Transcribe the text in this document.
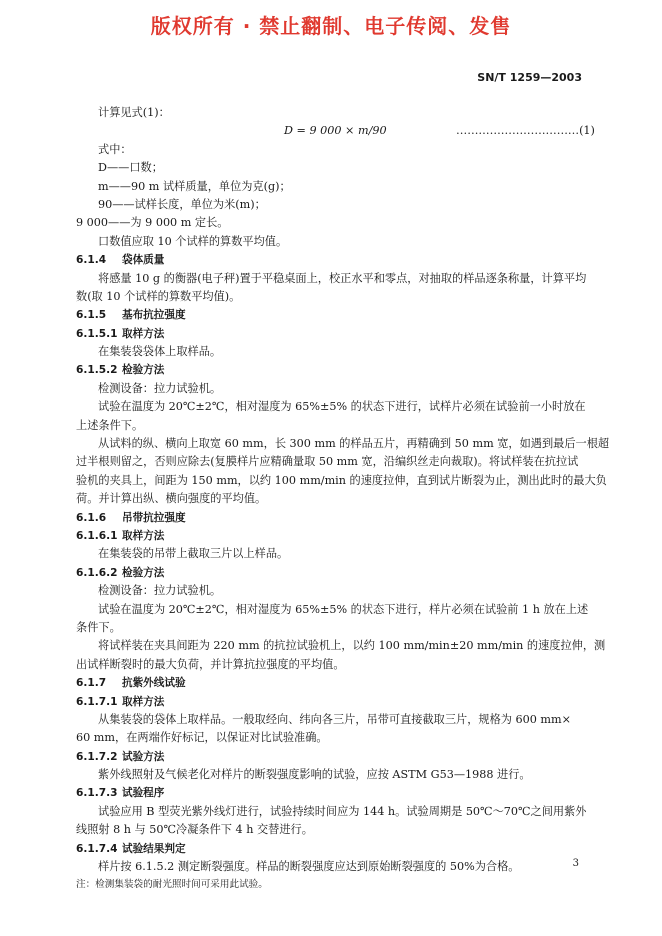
版权所有 · 禁止翻制、电子传阅、发售
SN/T 1259—2003
计算见式(1)：
D = 9 000 × m/90	……………………………(1)
式中：
D——口数；
m——90 m 试样质量，单位为克(g)；
90——试样长度，单位为米(m)；
9 000——为 9 000 m 定长。
口数值应取 10 个试样的算数平均值。
6.1.4 袋体质量
将感量 10 g 的衡器(电子秤)置于平稳桌面上，校正水平和零点，对抽取的样品逐条称量，计算平均
数(取 10 个试样的算数平均值)。
6.1.5 基布抗拉强度
6.1.5.1 取样方法
在集装袋袋体上取样品。
6.1.5.2 检验方法
检测设备：拉力试验机。
试验在温度为 20℃±2℃，相对湿度为 65%±5% 的状态下进行，试样片必须在试验前一小时放在
上述条件下。
从试料的纵、横向上取宽 60 mm，长 300 mm 的样品五片，再精确到 50 mm 宽，如遇到最后一根超
过半根则留之，否则应除去(复膜样片应精确量取 50 mm 宽，沿编织丝走向裁取)。将试样装在抗拉试
验机的夹具上，间距为 150 mm，以约 100 mm/min 的速度拉伸，直到试片断裂为止，测出此时的最大负
荷。并计算出纵、横向强度的平均值。
6.1.6 吊带抗拉强度
6.1.6.1 取样方法
在集装袋的吊带上截取三片以上样品。
6.1.6.2 检验方法
检测设备：拉力试验机。
试验在温度为 20℃±2℃，相对湿度为 65%±5% 的状态下进行，样片必须在试验前 1 h 放在上述
条件下。
将试样装在夹具间距为 220 mm 的抗拉试验机上，以约 100 mm/min±20 mm/min 的速度拉伸，测
出试样断裂时的最大负荷，并计算抗拉强度的平均值。
6.1.7 抗紫外线试验
6.1.7.1 取样方法
从集装袋的袋体上取样品。一般取经向、纬向各三片，吊带可直接截取三片，规格为 600 mm×
60 mm，在两端作好标记，以保证对比试验准确。
6.1.7.2 试验方法
紫外线照射及气候老化对样片的断裂强度影响的试验，应按 ASTM G53—1988 进行。
6.1.7.3 试验程序
试验应用 B 型荧光紫外线灯进行，试验持续时间应为 144 h。试验周期是 50℃～70℃之间用紫外
线照射 8 h 与 50℃冷凝条件下 4 h 交替进行。
6.1.7.4 试验结果判定
样片按 6.1.5.2 测定断裂强度。样品的断裂强度应达到原始断裂强度的 50%为合格。
注：检测集装袋的耐光照时间可采用此试验。
3
